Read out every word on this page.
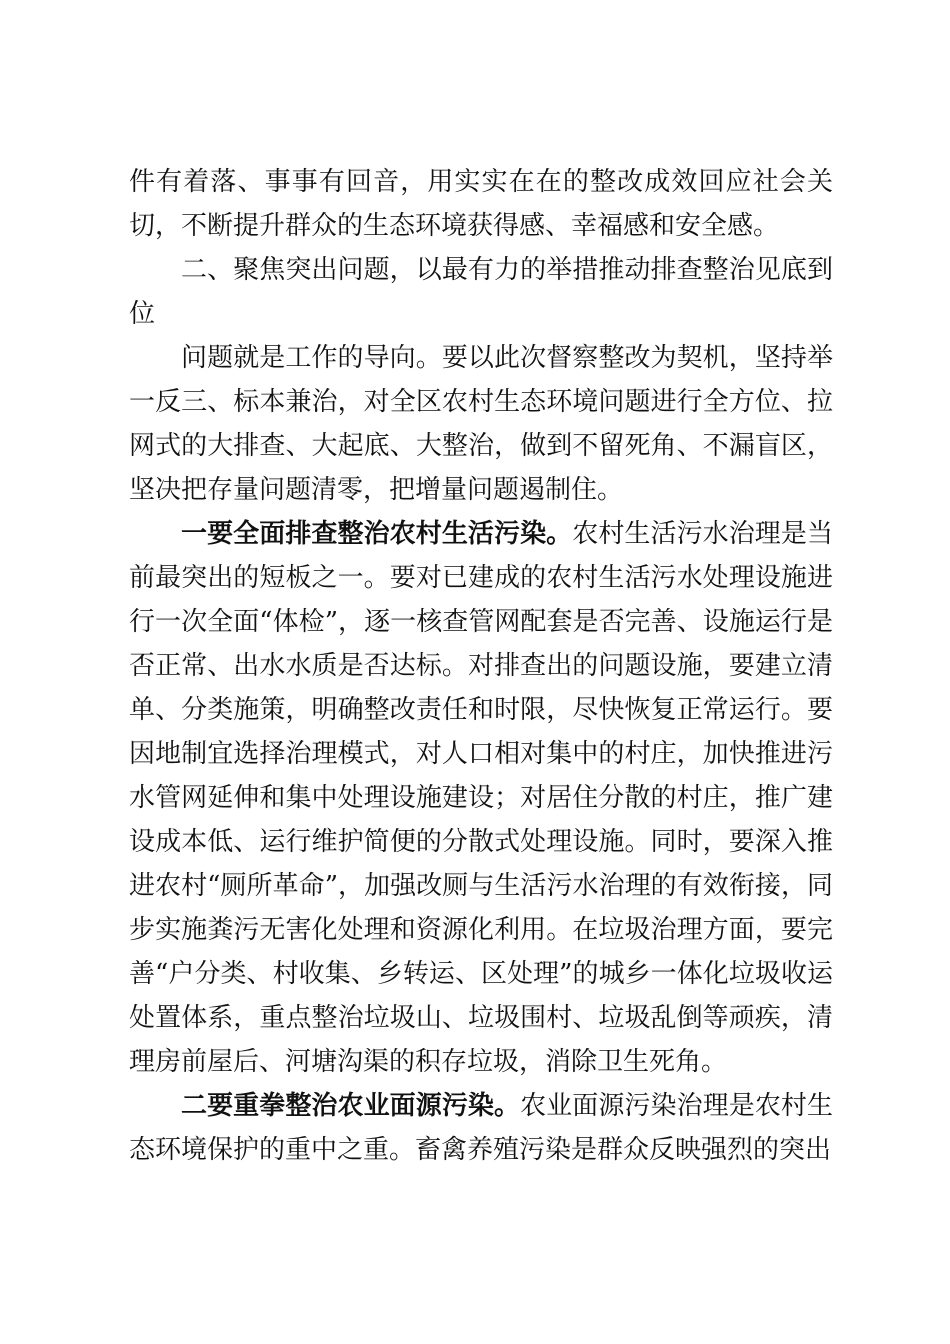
件有着落、事事有回音，用实实在在的整改成效回应社会关切，不断提升群众的生态环境获得感、幸福感和安全感。

二、聚焦突出问题，以最有力的举措推动排查整治见底到位

问题就是工作的导向。要以此次督察整改为契机，坚持举一反三、标本兼治，对全区农村生态环境问题进行全方位、拉网式的大排查、大起底、大整治，做到不留死角、不漏盲区，坚决把存量问题清零，把增量问题遏制住。

一要全面排查整治农村生活污染。农村生活污水治理是当前最突出的短板之一。要对已建成的农村生活污水处理设施进行一次全面“体检”，逐一核查管网配套是否完善、设施运行是否正常、出水水质是否达标。对排查出的问题设施，要建立清单、分类施策，明确整改责任和时限，尽快恢复正常运行。要因地制宜选择治理模式，对人口相对集中的村庄，加快推进污水管网延伸和集中处理设施建设；对居住分散的村庄，推广建设成本低、运行维护简便的分散式处理设施。同时，要深入推进农村“厕所革命”，加强改厕与生活污水治理的有效衔接，同步实施粪污无害化处理和资源化利用。在垃圾治理方面，要完善“户分类、村收集、乡转运、区处理”的城乡一体化垃圾收运处置体系，重点整治垃圾山、垃圾围村、垃圾乱倒等顽疾，清理房前屋后、河塘沟渠的积存垃圾，消除卫生死角。

二要重拳整治农业面源污染。农业面源污染治理是农村生态环境保护的重中之重。畜禽养殖污染是群众反映强烈的突出
